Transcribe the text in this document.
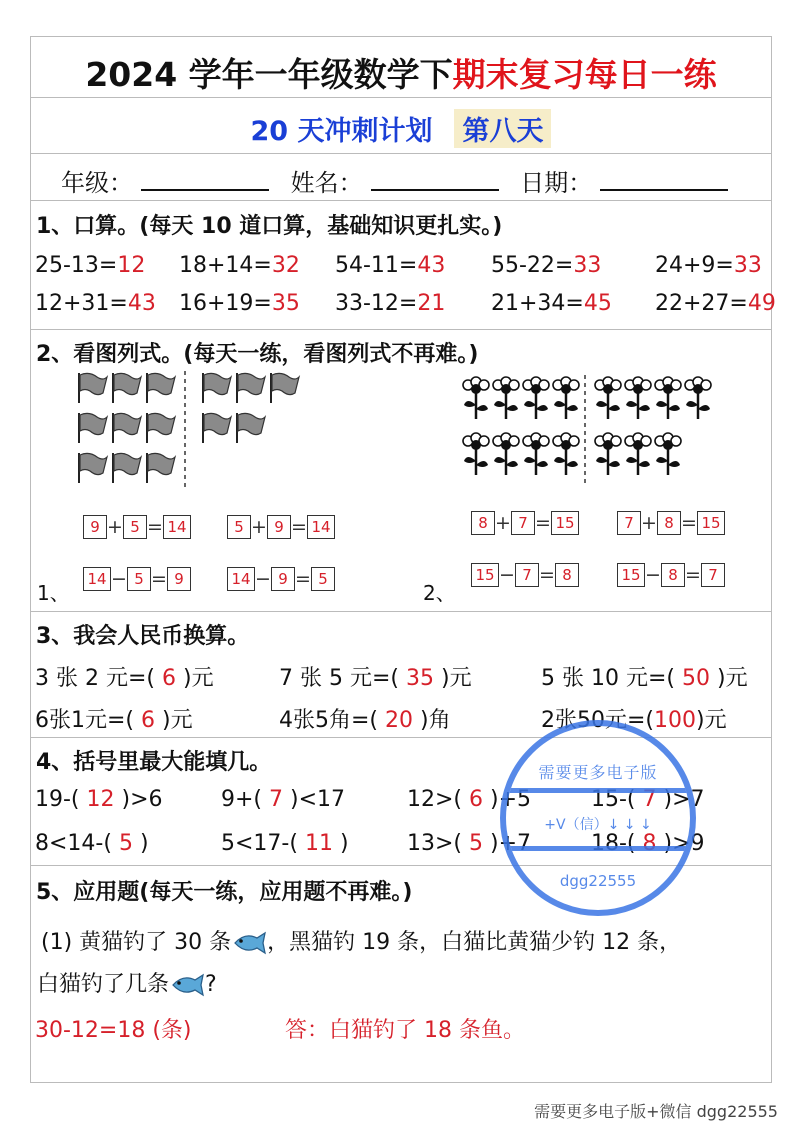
2024 学年一年级数学下期末复习每日一练
20 天冲刺计划 第八天
年级：	姓名：	日期：
1、口算。(每天 10 道口算，基础知识更扎实。)
25-13=12 18+14=32 54-11=43 55-22=33 24+9=33
12+31=43 16+19=35 33-12=21 21+34=45 22+27=49
2、看图列式。(每天一练，看图列式不再难。)
1、	2、
9 + 5 = 14	5 + 9 = 14
14 − 5 = 9	14 − 9 = 5
8 + 7 = 15	7 + 8 = 15
15 − 7 = 8	15 − 8 = 7
3、我会人民币换算。
3 张 2 元=( 6 )元	7 张 5 元=( 35 )元	5 张 10 元=( 50 )元
6张1元=( 6 )元	4张5角=( 20 )角	2张50元=(100)元
4、括号里最大能填几。
19-( 12 )>6	9+( 7 )<17	12>( 6 )+5	15-( 7 )>7
8<14-( 5 )	5<17-( 11 )	13>( 5 )+7	18-( 8 )>9
5、应用题(每天一练，应用题不再难。)
(1) 黄猫钓了 30 条 ，黑猫钓 19 条，白猫比黄猫少钓 12 条，
白猫钓了几条 ?
30-12=18 (条)	答：白猫钓了 18 条鱼。
需要更多电子版
+V（信）↓ ↓ ↓
dgg22555
需要更多电子版+微信 dgg22555
